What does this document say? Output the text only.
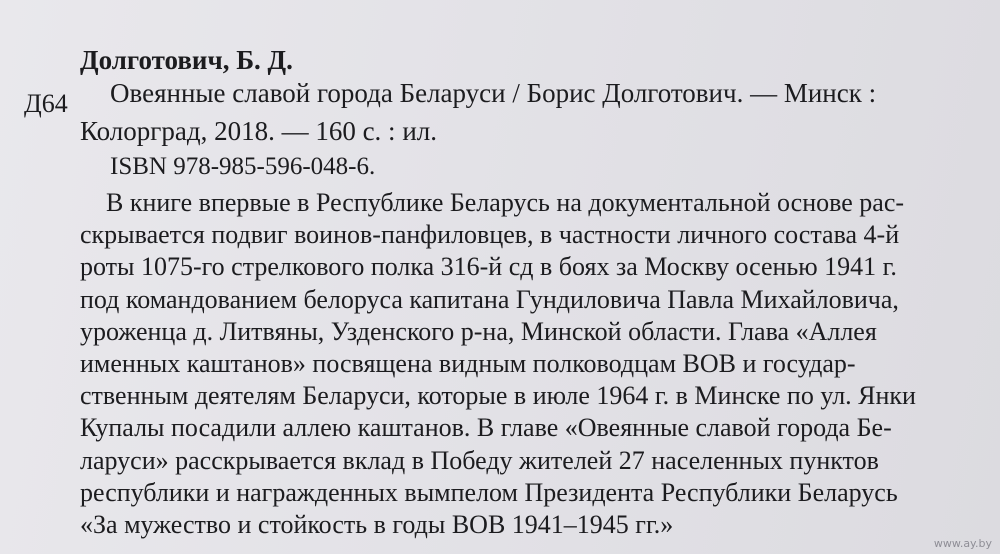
Долготович, Б. Д.
Д64 Овеянные славой города Беларуси / Борис Долготович. — Минск :
Колорград, 2018. — 160 с. : ил.
ISBN 978-985-596-048-6.
В книге впервые в Республике Беларусь на документальной основе рас-
скрывается подвиг воинов-панфиловцев, в частности личного состава 4-й
роты 1075-го стрелкового полка 316-й сд в боях за Москву осенью 1941 г.
под командованием белоруса капитана Гундиловича Павла Михайловича,
уроженца д. Литвяны, Узденского р-на, Минской области. Глава «Аллея
именных каштанов» посвящена видным полководцам ВОВ и государ-
ственным деятелям Беларуси, которые в июле 1964 г. в Минске по ул. Янки
Купалы посадили аллею каштанов. В главе «Овеянные славой города Бе-
ларуси» расскрывается вклад в Победу жителей 27 населенных пунктов
республики и награжденных вымпелом Президента Республики Беларусь
«За мужество и стойкость в годы ВОВ 1941–1945 гг.»
www.ay.by
